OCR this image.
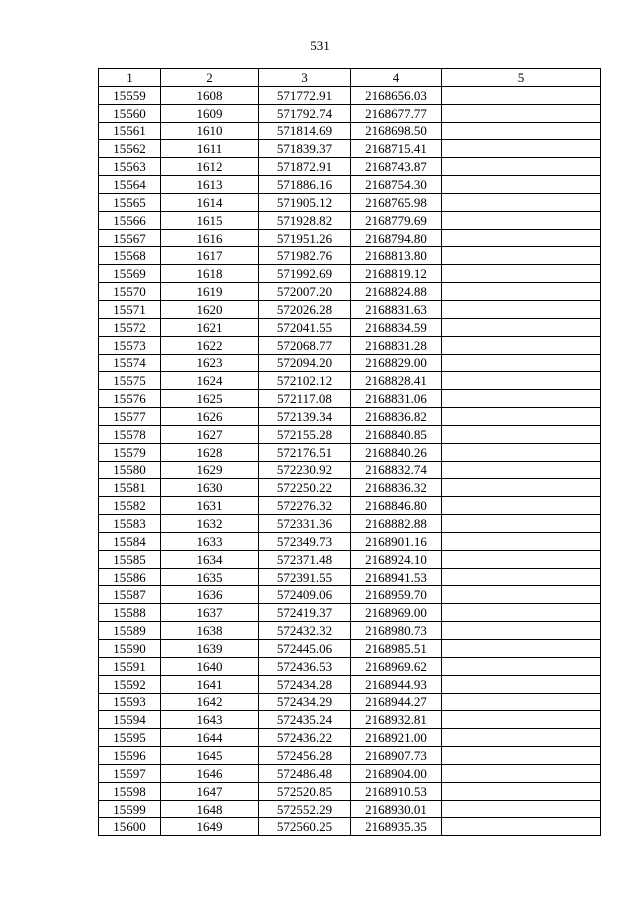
531
1	2	3	4	5
15559	1608	571772.91	2168656.03	
15560	1609	571792.74	2168677.77	
15561	1610	571814.69	2168698.50	
15562	1611	571839.37	2168715.41	
15563	1612	571872.91	2168743.87	
15564	1613	571886.16	2168754.30	
15565	1614	571905.12	2168765.98	
15566	1615	571928.82	2168779.69	
15567	1616	571951.26	2168794.80	
15568	1617	571982.76	2168813.80	
15569	1618	571992.69	2168819.12	
15570	1619	572007.20	2168824.88	
15571	1620	572026.28	2168831.63	
15572	1621	572041.55	2168834.59	
15573	1622	572068.77	2168831.28	
15574	1623	572094.20	2168829.00	
15575	1624	572102.12	2168828.41	
15576	1625	572117.08	2168831.06	
15577	1626	572139.34	2168836.82	
15578	1627	572155.28	2168840.85	
15579	1628	572176.51	2168840.26	
15580	1629	572230.92	2168832.74	
15581	1630	572250.22	2168836.32	
15582	1631	572276.32	2168846.80	
15583	1632	572331.36	2168882.88	
15584	1633	572349.73	2168901.16	
15585	1634	572371.48	2168924.10	
15586	1635	572391.55	2168941.53	
15587	1636	572409.06	2168959.70	
15588	1637	572419.37	2168969.00	
15589	1638	572432.32	2168980.73	
15590	1639	572445.06	2168985.51	
15591	1640	572436.53	2168969.62	
15592	1641	572434.28	2168944.93	
15593	1642	572434.29	2168944.27	
15594	1643	572435.24	2168932.81	
15595	1644	572436.22	2168921.00	
15596	1645	572456.28	2168907.73	
15597	1646	572486.48	2168904.00	
15598	1647	572520.85	2168910.53	
15599	1648	572552.29	2168930.01	
15600	1649	572560.25	2168935.35	
